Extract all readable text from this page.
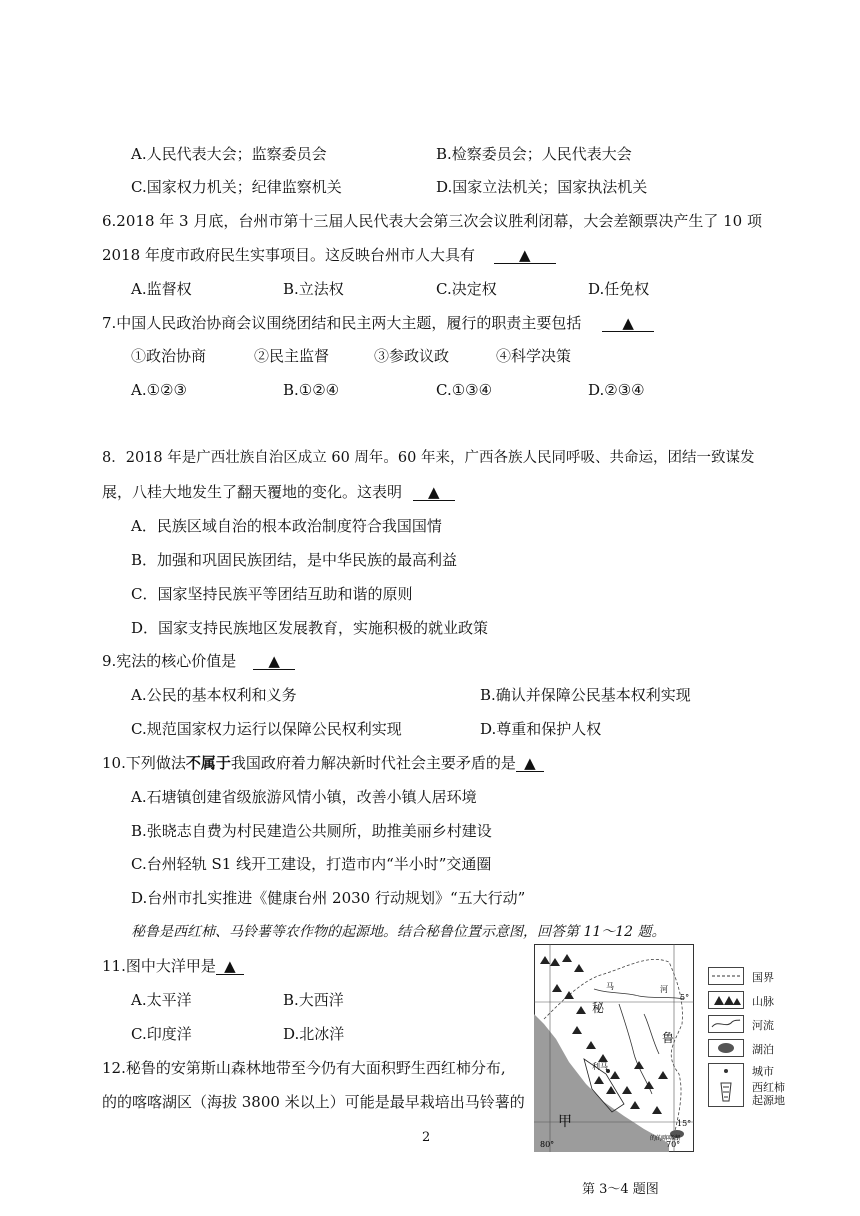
A.人民代表大会；监察委员会	B.检察委员会；人民代表大会
C.国家权力机关；纪律监察机关	D.国家立法机关；国家执法机关
6.2018 年 3 月底，台州市第十三届人民代表大会第三次会议胜利闭幕，大会差额票决产生了 10 项
2018 年度市政府民生实事项目。这反映台州市人大具有	▲
A.监督权	B.立法权	C.决定权	D.任免权
7.中国人民政治协商会议围绕团结和民主两大主题，履行的职责主要包括	▲
①政治协商	②民主监督	③参政议政	④科学决策
A.①②③	B.①②④	C.①③④	D.②③④
8．2018 年是广西壮族自治区成立 60 周年。60 年来，广西各族人民同呼吸、共命运，团结一致谋发
展，八桂大地发生了翻天覆地的变化。这表明 ▲
A．民族区域自治的根本政治制度符合我国国情
B．加强和巩固民族团结，是中华民族的最高利益
C．国家坚持民族平等团结互助和谐的原则
D．国家支持民族地区发展教育，实施积极的就业政策
9.宪法的核心价值是 ▲
A.公民的基本权利和义务	B.确认并保障公民基本权利实现
C.规范国家权力运行以保障公民权利实现	D.尊重和保护人权
10.下列做法不属于我国政府着力解决新时代社会主要矛盾的是 ▲
A.石塘镇创建省级旅游风情小镇，改善小镇人居环境
B.张晓志自费为村民建造公共厕所，助推美丽乡村建设
C.台州轻轨 S1 线开工建设，打造市内“半小时”交通圈
D.台州市扎实推进《健康台州 2030 行动规划》“五大行动”
秘鲁是西红柿、马铃薯等农作物的起源地。结合秘鲁位置示意图，回答第 11～12 题。
11.图中大洋甲是 ▲
A.太平洋	B.大西洋
C.印度洋	D.北冰洋
12.秘鲁的安第斯山森林地带至今仍有大面积野生西红柿分布,
的的喀喀湖区（海拔 3800 米以上）可能是最早栽培出马铃薯的
2
甲
5°
15°
80°	70°
利马
的的喀喀湖
秘
鲁
马	河
国界
山脉
河流
湖泊
城市
西红柿
起源地
第 3～4 题图
